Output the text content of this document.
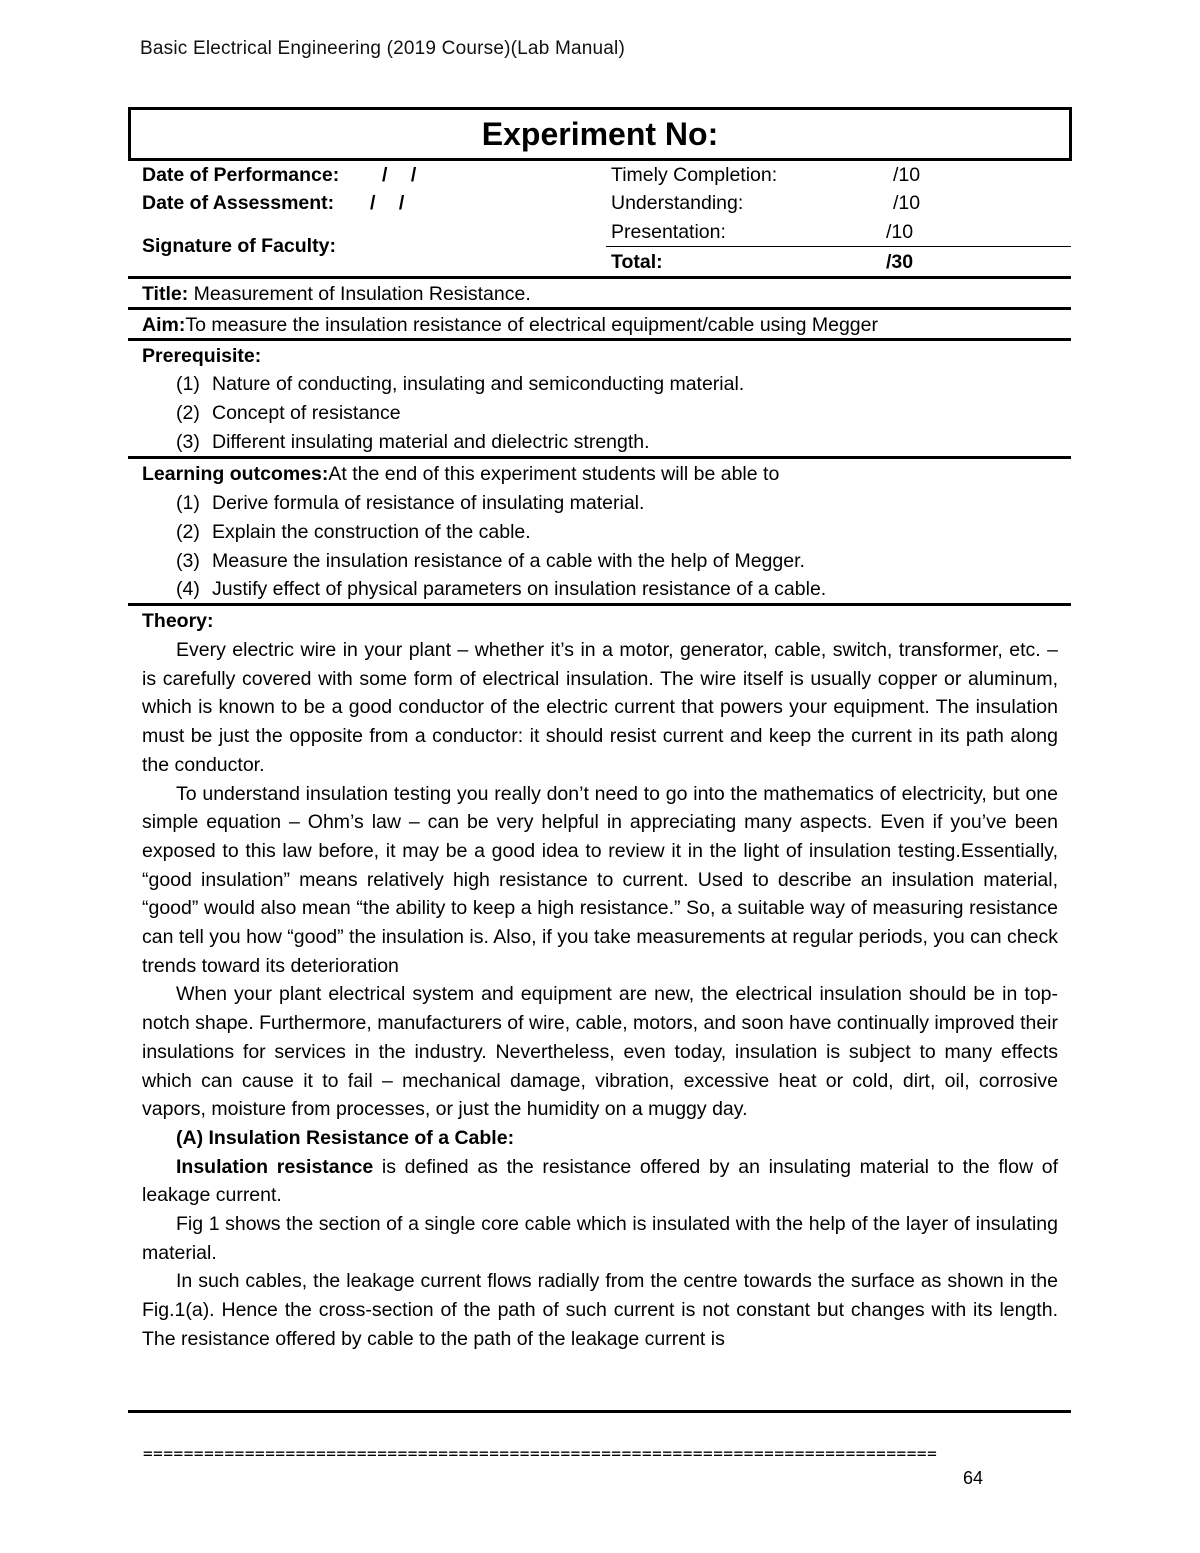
Basic Electrical Engineering (2019 Course)(Lab Manual)
Experiment No:
Date of Performance: / /
Date of Assessment: / /
Signature of Faculty:
Timely Completion:	/10
Understanding:	/10
Presentation:	/10
Total:	/30
Title: Measurement of Insulation Resistance.
Aim:To measure the insulation resistance of electrical equipment/cable using Megger
Prerequisite:
(1) Nature of conducting, insulating and semiconducting material.
(2) Concept of resistance
(3) Different insulating material and dielectric strength.
Learning outcomes:At the end of this experiment students will be able to
(1) Derive formula of resistance of insulating material.
(2) Explain the construction of the cable.
(3) Measure the insulation resistance of a cable with the help of Megger.
(4) Justify effect of physical parameters on insulation resistance of a cable.
Theory:

Every electric wire in your plant – whether it’s in a motor, generator, cable, switch, transformer, etc. – is carefully covered with some form of electrical insulation. The wire itself is usually copper or aluminum, which is known to be a good conductor of the electric current that powers your equipment. The insulation must be just the opposite from a conductor: it should resist current and keep the current in its path along the conductor.

To understand insulation testing you really don’t need to go into the mathematics of electricity, but one simple equation – Ohm’s law – can be very helpful in appreciating many aspects. Even if you’ve been exposed to this law before, it may be a good idea to review it in the light of insulation testing.Essentially, “good insulation” means relatively high resistance to current. Used to describe an insulation material, “good” would also mean “the ability to keep a high resistance.” So, a suitable way of measuring resistance can tell you how “good” the insulation is. Also, if you take measurements at regular periods, you can check trends toward its deterioration

When your plant electrical system and equipment are new, the electrical insulation should be in top-notch shape. Furthermore, manufacturers of wire, cable, motors, and soon have continually improved their insulations for services in the industry. Nevertheless, even today, insulation is subject to many effects which can cause it to fail – mechanical damage, vibration, excessive heat or cold, dirt, oil, corrosive vapors, moisture from processes, or just the humidity on a muggy day.

(A) Insulation Resistance of a Cable:

Insulation resistance is defined as the resistance offered by an insulating material to the flow of leakage current.

Fig 1 shows the section of a single core cable which is insulated with the help of the layer of insulating material.

In such cables, the leakage current flows radially from the centre towards the surface as shown in the Fig.1(a). Hence the cross-section of the path of such current is not constant but changes with its length. The resistance offered by cable to the path of the leakage current is

==============================================================================
64
